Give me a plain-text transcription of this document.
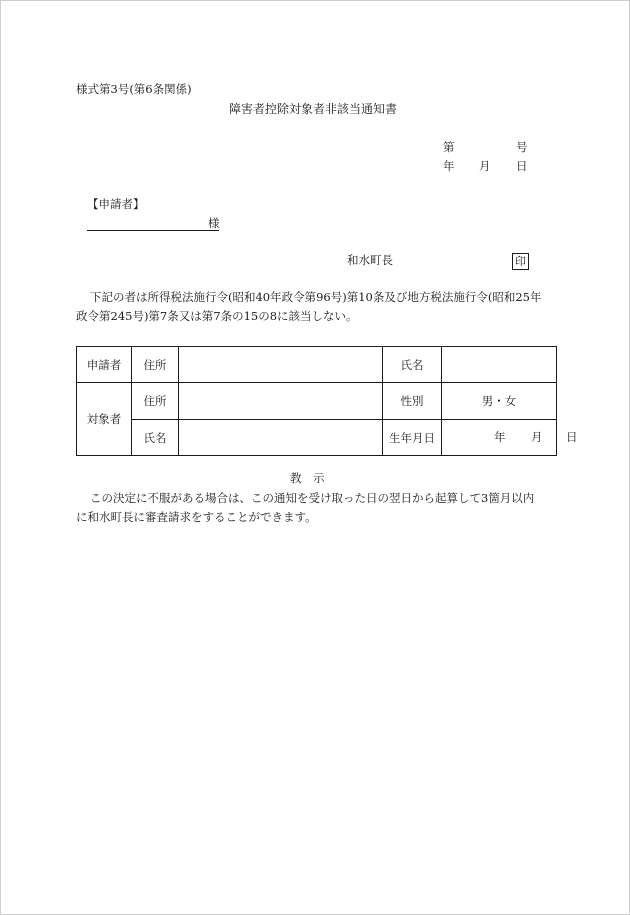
様式第3号(第6条関係)
障害者控除対象者非該当通知書
第	号
年 月 日
【申請者】
様
和水町長	印
下記の者は所得税法施行令(昭和40年政令第96号)第10条及び地方税法施行令(昭和25年
政令第245号)第7条又は第7条の15の8に該当しない。
申請者	住所		氏名	
対象者	住所		性別	男・女
	氏名		生年月日	年 月 日
教　示
この決定に不服がある場合は、この通知を受け取った日の翌日から起算して3箇月以内
に和水町長に審査請求をすることができます。
